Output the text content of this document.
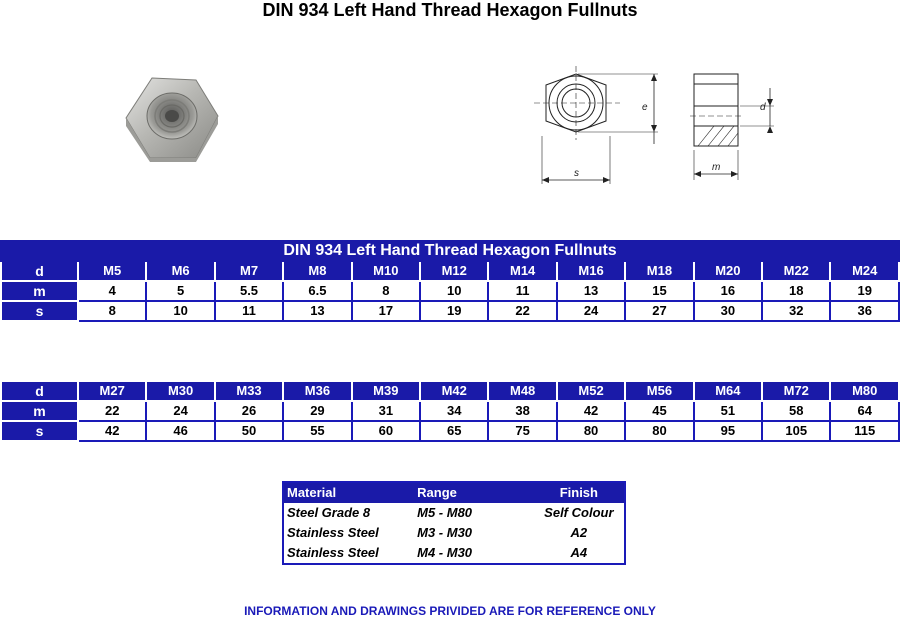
DIN 934 Left Hand Thread Hexagon Fullnuts
e
s
d
m
DIN 934 Left Hand Thread Hexagon Fullnuts												
d	M5	M6	M7	M8	M10	M12	M14	M16	M18	M20	M22	M24
m	4	5	5.5	6.5	8	10	11	13	15	16	18	19
s	8	10	11	13	17	19	22	24	27	30	32	36
d	M27	M30	M33	M36	M39	M42	M48	M52	M56	M64	M72	M80
m	22	24	26	29	31	34	38	42	45	51	58	64
s	42	46	50	55	60	65	75	80	80	95	105	115
Material	Range	Finish
Steel Grade 8	M5 - M80	Self Colour
Stainless Steel	M3 - M30	A2
Stainless Steel	M4 - M30	A4
INFORMATION AND DRAWINGS PRIVIDED ARE FOR REFERENCE ONLY
